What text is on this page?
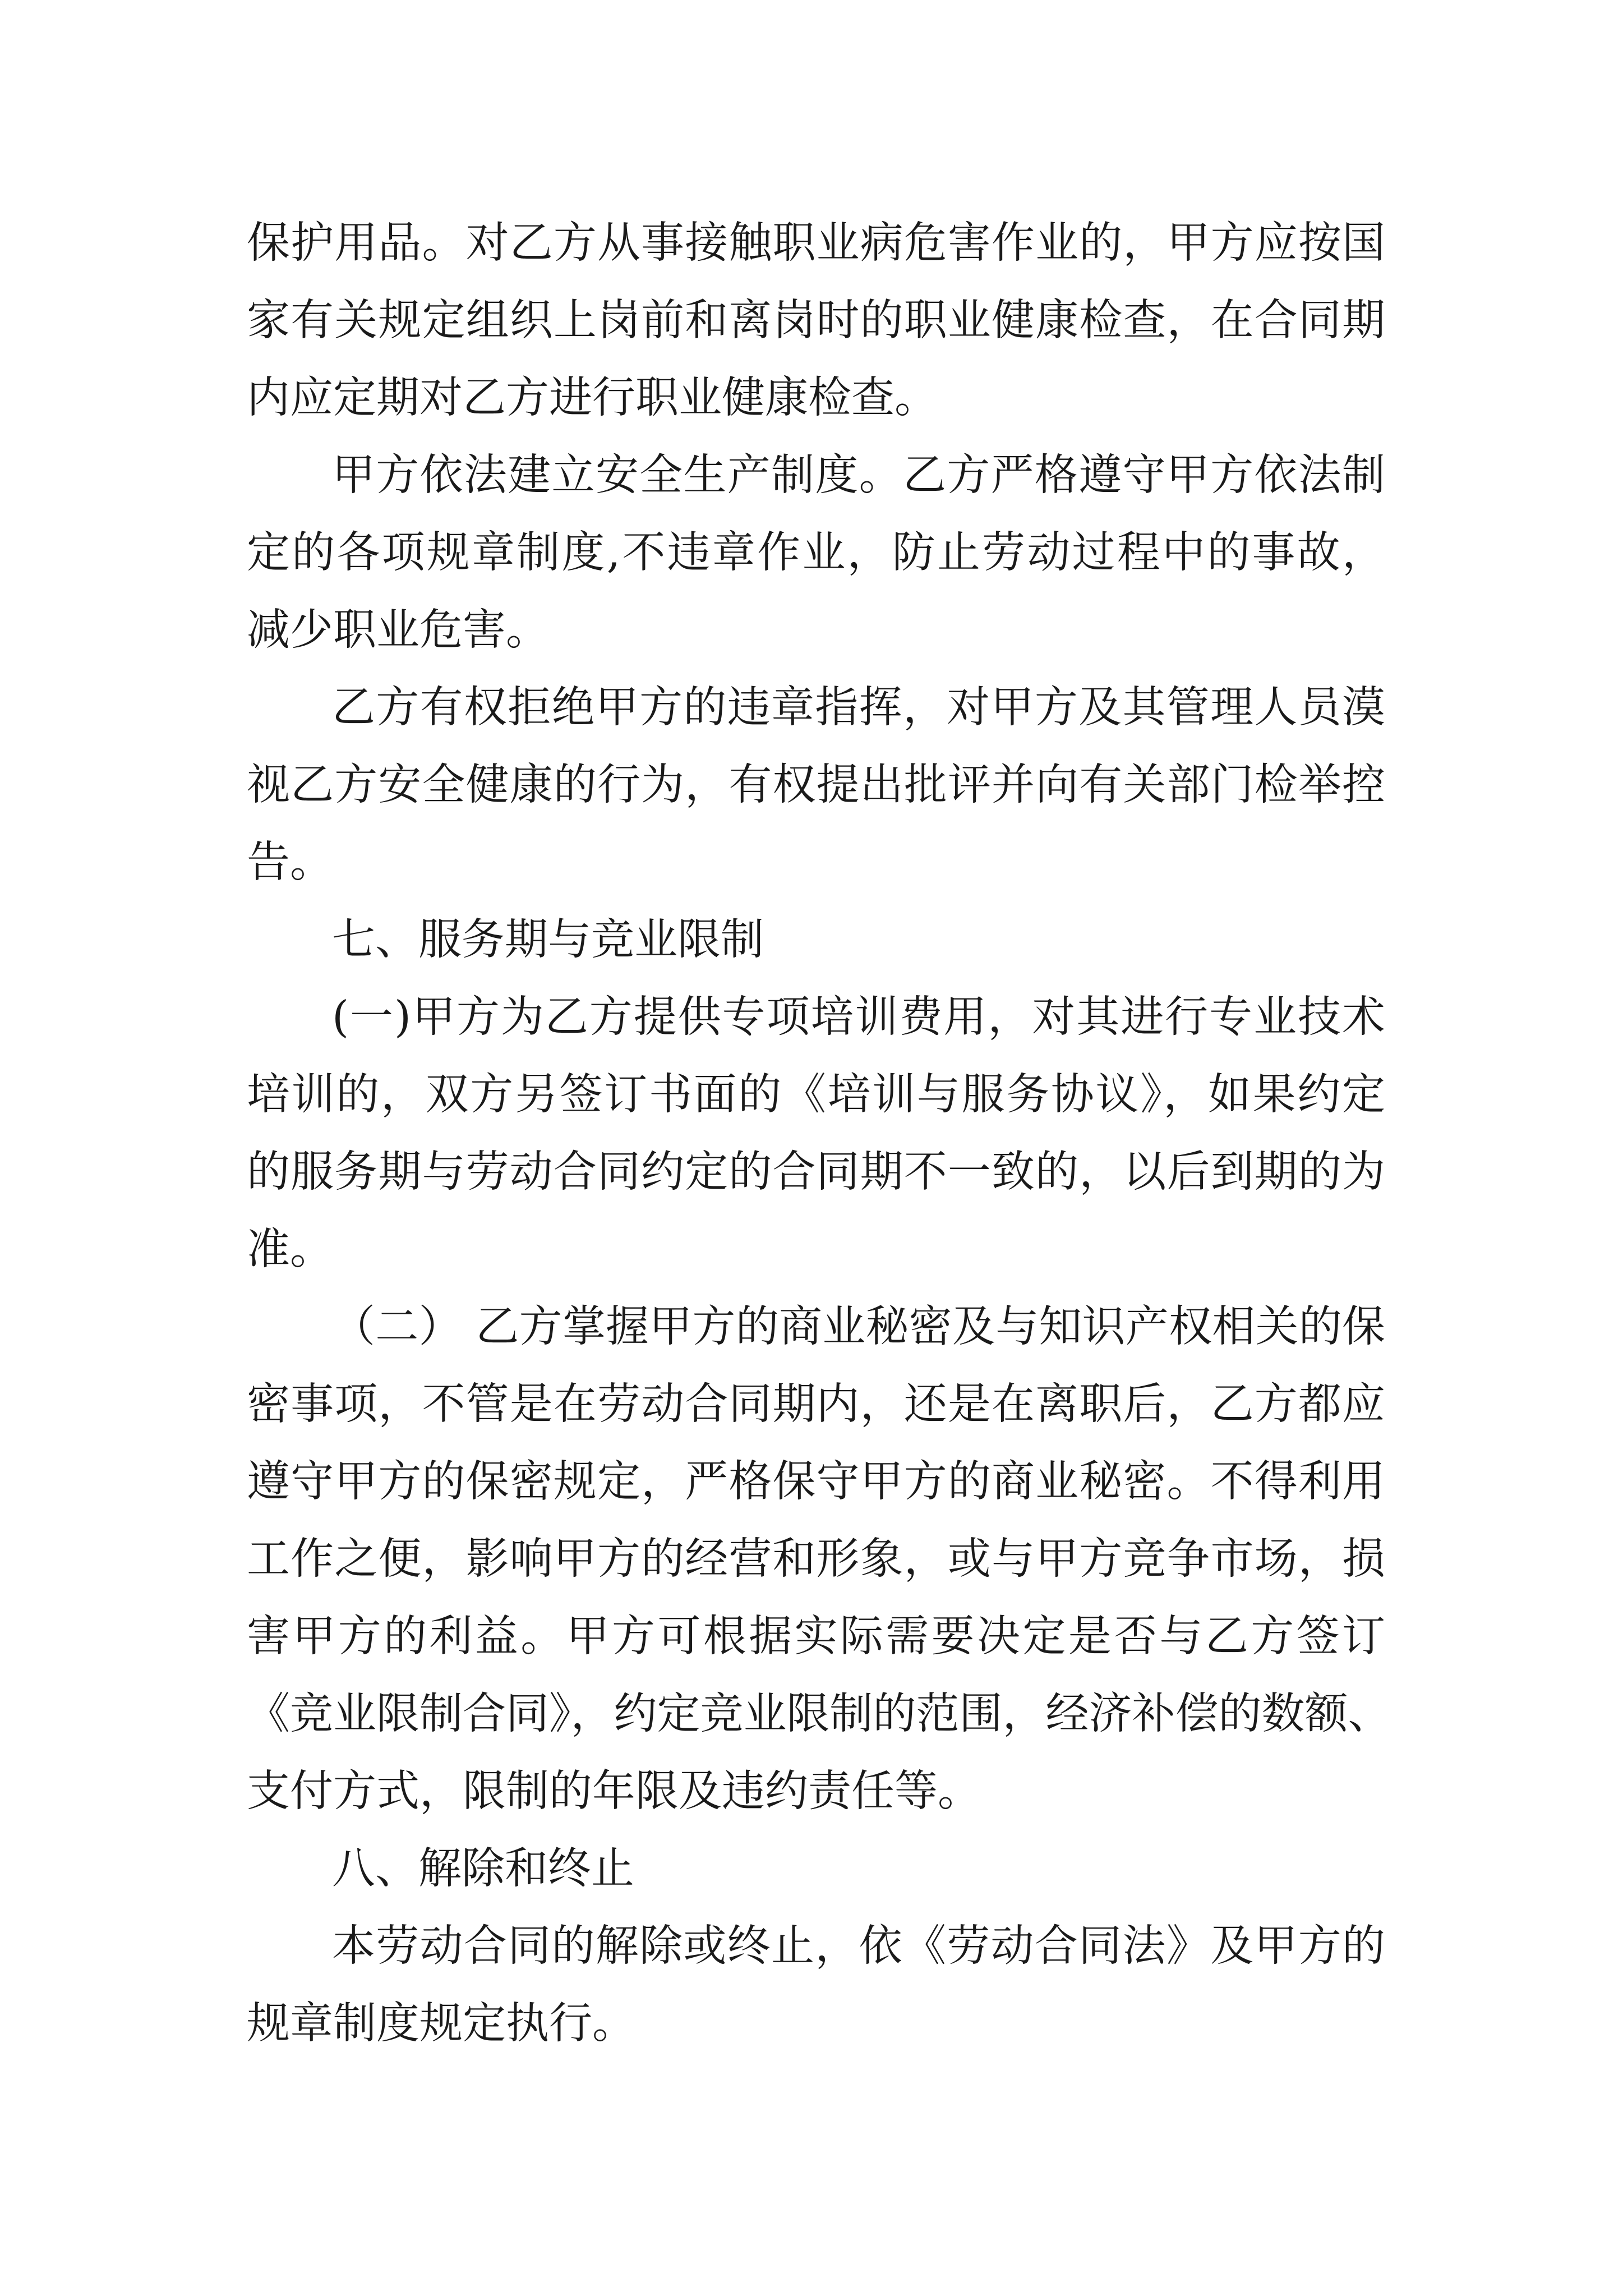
保护用品。对乙方从事接触职业病危害作业的，甲方应按国
家有关规定组织上岗前和离岗时的职业健康检查，在合同期
内应定期对乙方进行职业健康检查。
甲方依法建立安全生产制度。乙方严格遵守甲方依法制
定的各项规章制度,不违章作业，防止劳动过程中的事故，
减少职业危害。
乙方有权拒绝甲方的违章指挥，对甲方及其管理人员漠
视乙方安全健康的行为，有权提出批评并向有关部门检举控
告。
七、服务期与竞业限制
(一)甲方为乙方提供专项培训费用，对其进行专业技术
培训的，双方另签订书面的《培训与服务协议》，如果约定
的服务期与劳动合同约定的合同期不一致的，以后到期的为
准。
（二） 乙方掌握甲方的商业秘密及与知识产权相关的保
密事项，不管是在劳动合同期内，还是在离职后，乙方都应
遵守甲方的保密规定，严格保守甲方的商业秘密。不得利用
工作之便，影响甲方的经营和形象，或与甲方竞争市场，损
害甲方的利益。甲方可根据实际需要决定是否与乙方签订
《竞业限制合同》，约定竞业限制的范围，经济补偿的数额、
支付方式，限制的年限及违约责任等。
八、解除和终止
本劳动合同的解除或终止，依《劳动合同法》及甲方的
规章制度规定执行。
